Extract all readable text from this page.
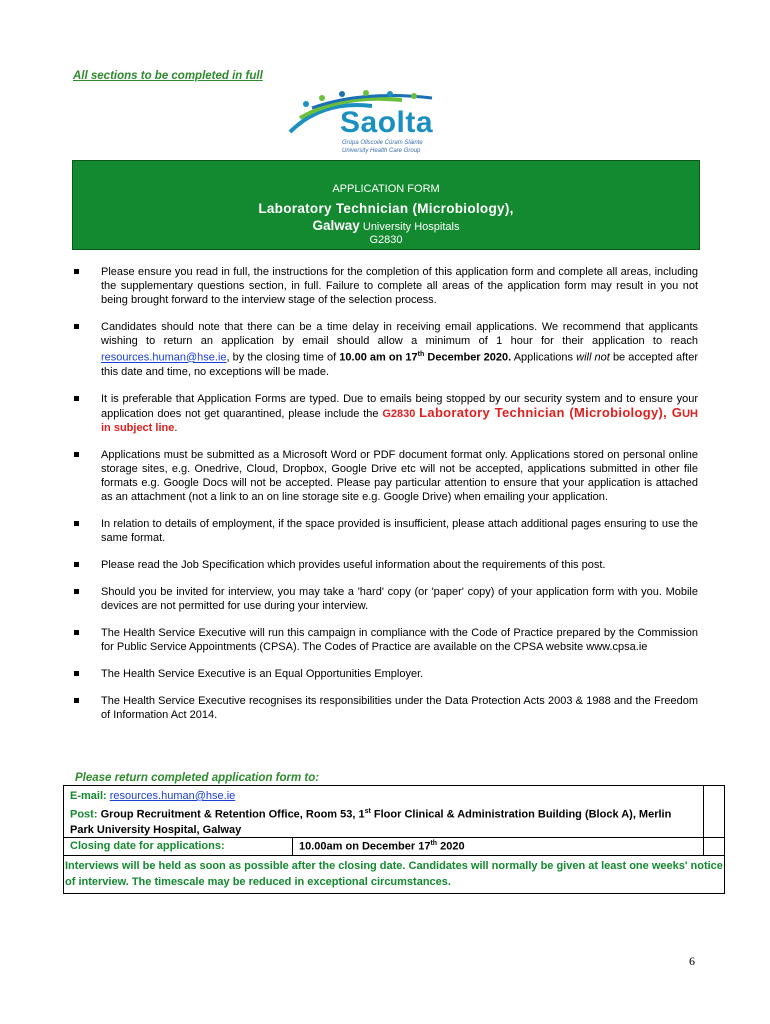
All sections to be completed in full
Saolta
Grúpa Ollscoile Cúram Sláinte
University Health Care Group
APPLICATION FORM
Laboratory Technician (Microbiology),
Galway University Hospitals
G2830
Please ensure you read in full, the instructions for the completion of this application form and complete all areas, including the supplementary questions section, in full. Failure to complete all areas of the application form may result in you not being brought forward to the interview stage of the selection process.
Candidates should note that there can be a time delay in receiving email applications. We recommend that applicants wishing to return an application by email should allow a minimum of 1 hour for their application to reach resources.human@hse.ie, by the closing time of 10.00 am on 17th December 2020. Applications will not be accepted after this date and time, no exceptions will be made.
It is preferable that Application Forms are typed. Due to emails being stopped by our security system and to ensure your application does not get quarantined, please include the G2830 Laboratory Technician (Microbiology), GUH in subject line.
Applications must be submitted as a Microsoft Word or PDF document format only. Applications stored on personal online storage sites, e.g. Onedrive, Cloud, Dropbox, Google Drive etc will not be accepted, applications submitted in other file formats e.g. Google Docs will not be accepted. Please pay particular attention to ensure that your application is attached as an attachment (not a link to an on line storage site e.g. Google Drive) when emailing your application.
In relation to details of employment, if the space provided is insufficient, please attach additional pages ensuring to use the same format.
Please read the Job Specification which provides useful information about the requirements of this post.
Should you be invited for interview, you may take a 'hard' copy (or 'paper' copy) of your application form with you. Mobile devices are not permitted for use during your interview.
The Health Service Executive will run this campaign in compliance with the Code of Practice prepared by the Commission for Public Service Appointments (CPSA). The Codes of Practice are available on the CPSA website www.cpsa.ie
The Health Service Executive is an Equal Opportunities Employer.
The Health Service Executive recognises its responsibilities under the Data Protection Acts 2003 & 1988 and the Freedom of Information Act 2014.
Please return completed application form to:
E-mail: resources.human@hse.ie
Post: Group Recruitment & Retention Office, Room 53, 1st Floor Clinical & Administration Building (Block A), Merlin Park University Hospital, Galway
Closing date for applications:	10.00am on December 17th 2020
Interviews will be held as soon as possible after the closing date. Candidates will normally be given at least one weeks' notice of interview. The timescale may be reduced in exceptional circumstances.
6
